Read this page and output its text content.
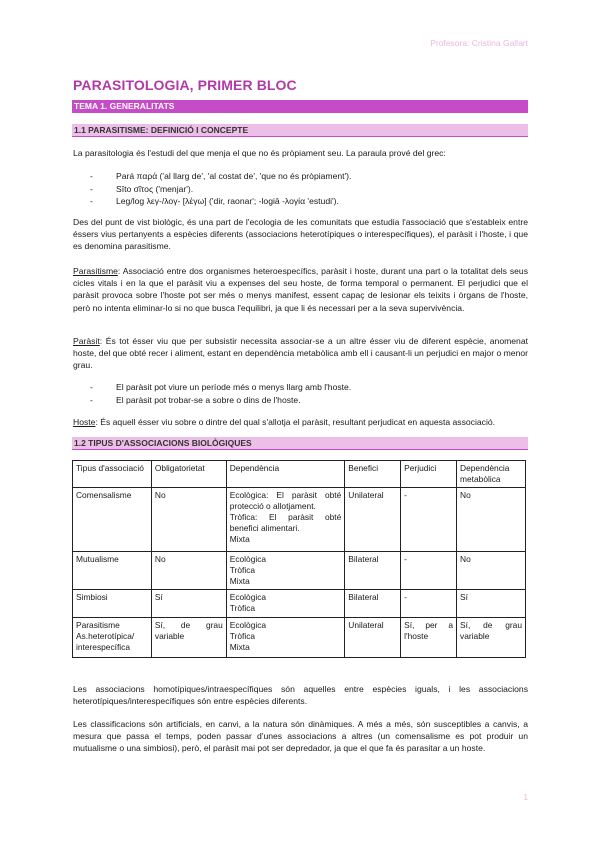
Profesora: Cristina Gallart
PARASITOLOGIA, PRIMER BLOC
TEMA 1. GENERALITATS
1.1 PARASITISME: DEFINICIÓ I CONCEPTE
La parasitologia és l'estudi del que menja el que no és pròpiament seu. La paraula prové del grec:
- Pará παρά ('al llarg de', 'al costat de', 'que no és pròpiament').
- Sîto σῖτος ('menjar').
- Leg/log λεγ-/λογ- [λέγω] ('dir, raonar'; -logiā -λογία 'estudi').
Des del punt de vist biològic, és una part de l'ecologia de les comunitats que estudia l'associació que s'estableix entre éssers vius pertanyents a espècies diferents (associacions heterotípiques o interespecífiques), el paràsit i l'hoste, i que es denomina parasitisme.
Parasitisme: Associació entre dos organismes heteroespecífics, paràsit i hoste, durant una part o la totalitat dels seus cicles vitals i en la que el paràsit viu a expenses del seu hoste, de forma temporal o permanent. El perjudici que el paràsit provoca sobre l'hoste pot ser més o menys manifest, essent capaç de lesionar els teixits i òrgans de l'hoste, però no intenta eliminar-lo si no que busca l'equilibri, ja que li és necessari per a la seva supervivència.
Paràsit: És tot ésser viu que per subsistir necessita associar-se a un altre ésser viu de diferent espècie, anomenat hoste, del que obté recer i aliment, estant en dependència metabòlica amb ell i causant-li un perjudici en major o menor grau.
- El paràsit pot viure un període més o menys llarg amb l'hoste.
- El paràsit pot trobar-se a sobre o dins de l'hoste.
Hoste: És aquell ésser viu sobre o dintre del qual s'allotja el paràsit, resultant perjudicat en aquesta associació.
1.2 TIPUS D'ASSOCIACIONS BIOLÒGIQUES
Tipus d'associació	Obligatorietat	Dependència	Benefici	Perjudici	Dependència metabòlica
Comensalisme	No	Ecològica: El paràsit obté protecció o allotjament.
Tròfica: El paràsit obté benefici alimentari.
Mixta	Unilateral	-	No
Mutualisme	No	Ecològica
Tròfica
Mixta	Bilateral	-	No
Simbiosi	Sí	Ecològica
Tròfica	Bilateral	-	Sí
Parasitisme As.heterotípica/ interespecífica	Sí, de grau variable	Ecològica
Tròfica
Mixta	Unilateral	Sí, per a l'hoste	Sí, de grau variable
Les associacions homotípiques/intraespecífiques són aquelles entre espècies iguals, i les associacions heterotípiques/interespecífiques són entre espècies diferents.
Les classificacions són artificials, en canvi, a la natura són dinàmiques. A més a més, són susceptibles a canvis, a mesura que passa el temps, poden passar d'unes associacions a altres (un comensalisme es pot produir un mutualisme o una simbiosi), però, el paràsit mai pot ser depredador, ja que el que fa és parasitar a un hoste.
1
